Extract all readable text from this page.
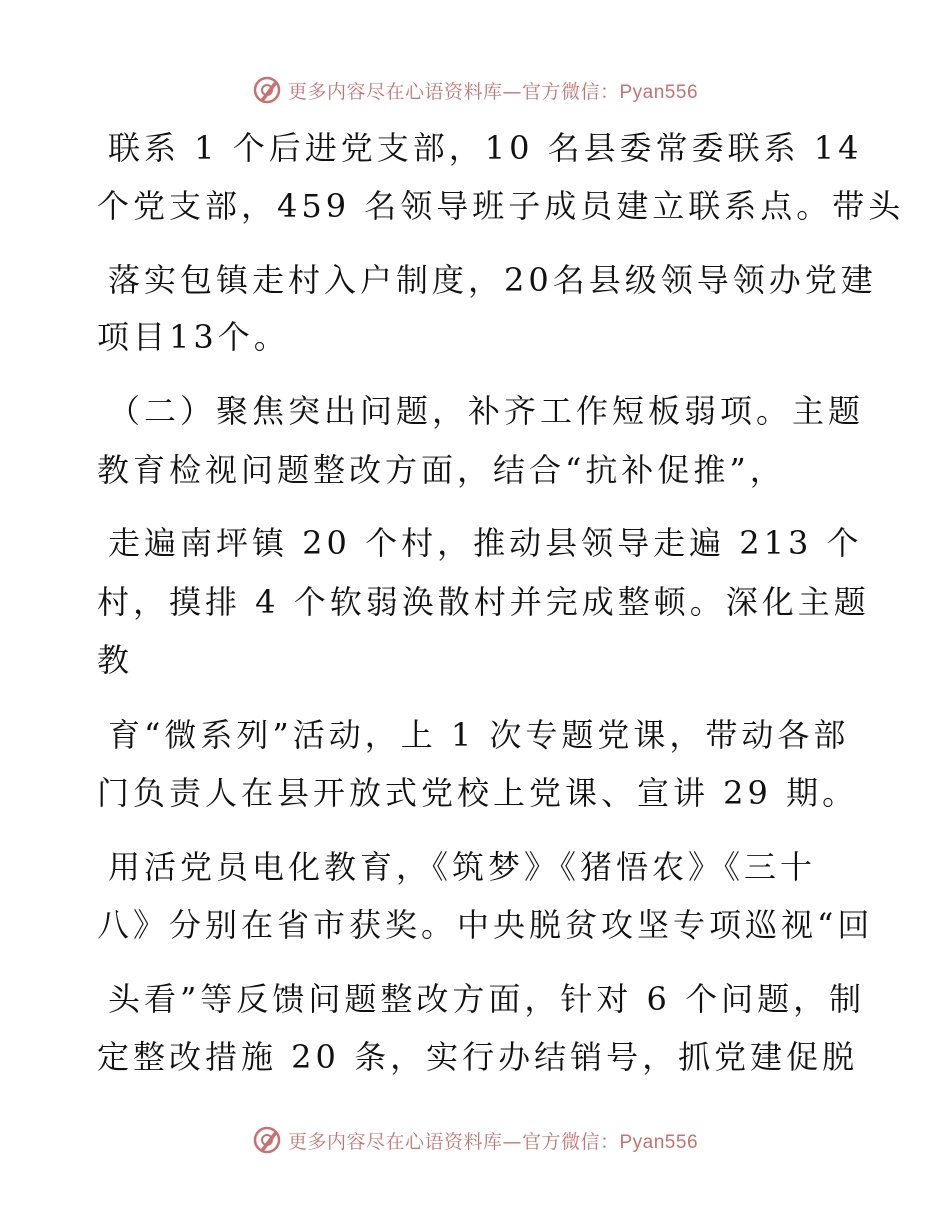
更多内容尽在心语资料库—官方微信：Pyan556
联系 1 个后进党支部，10 名县委常委联系 14
个党支部，459 名领导班子成员建立联系点。带头
落实包镇走村入户制度，20名县级领导领办党建
项目13个。
（二）聚焦突出问题，补齐工作短板弱项。主题
教育检视问题整改方面，结合“抗补促推”，
走遍南坪镇 20 个村，推动县领导走遍 213 个
村，摸排 4 个软弱涣散村并完成整顿。深化主题
教
育“微系列”活动，上 1 次专题党课，带动各部
门负责人在县开放式党校上党课、宣讲 29 期。
用活党员电化教育，《筑梦》《猪悟农》《三十
八》分别在省市获奖。中央脱贫攻坚专项巡视“回
头看”等反馈问题整改方面，针对 6 个问题，制
定整改措施 20 条，实行办结销号，抓党建促脱
更多内容尽在心语资料库—官方微信：Pyan556
